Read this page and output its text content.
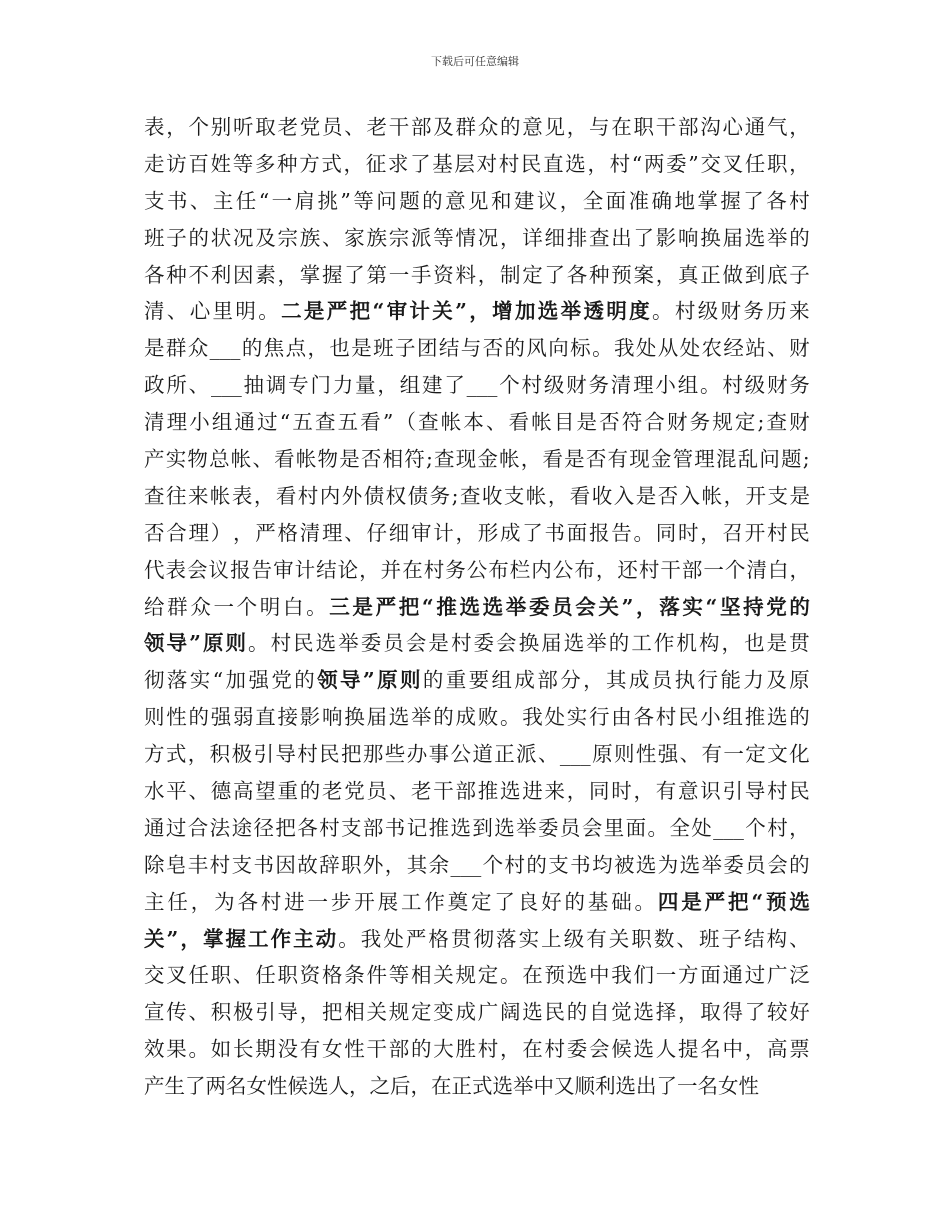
下载后可任意编辑
表 ， 个 别 听 取 老 党 员 、 老 干 部 及 群 众 的 意 见 ， 与 在 职 干 部 沟 心 通 气 ，
走 访 百 姓 等 多 种 方 式 ， 征 求 了 基 层 对 村 民 直 选 ， 村 “ 两 委 ” 交 叉 任 职 ，
支 书 、 主 任 “ 一 肩 挑 ” 等 问 题 的 意 见 和 建 议 ， 全 面 准 确 地 掌 握 了 各 村
班 子 的 状 况 及 宗 族 、 家 族 宗 派 等 情 况 ， 详 细 排 查 出 了 影 响 换 届 选 举 的
各 种 不 利 因 素 ， 掌 握 了 第 一 手 资 料 ， 制 定 了 各 种 预 案 ， 真 正 做 到 底 子
清 、 心 里 明 。 二 是 严 把 “ 审 计 关 ” ， 增 加 选 举 透 明 度 。 村 级 财 务 历 来
是 群 众 ___ 的 焦 点 ， 也 是 班 子 团 结 与 否 的 风 向 标 。 我 处 从 处 农 经 站 、 财
政 所 、 ___ 抽 调 专 门 力 量 ， 组 建 了 ___ 个 村 级 财 务 清 理 小 组 。 村 级 财 务
清 理 小 组 通 过 “ 五 查 五 看 ” （ 查 帐 本 、 看 帐 目 是 否 符 合 财 务 规 定 ; 查 财
产 实 物 总 帐 、 看 帐 物 是 否 相 符 ; 查 现 金 帐 ， 看 是 否 有 现 金 管 理 混 乱 问 题 ;
查 往 来 帐 表 ， 看 村 内 外 债 权 债 务 ; 查 收 支 帐 ， 看 收 入 是 否 入 帐 ， 开 支 是
否 合 理 ） ， 严 格 清 理 、 仔 细 审 计 ， 形 成 了 书 面 报 告 。 同 时 ， 召 开 村 民
代 表 会 议 报 告 审 计 结 论 ， 并 在 村 务 公 布 栏 内 公 布 ， 还 村 干 部 一 个 清 白 ，
给 群 众 一 个 明 白 。 三 是 严 把 “ 推 选 选 举 委 员 会 关 ” ， 落 实 “ 坚 持 党 的
领 导 ” 原 则 。 村 民 选 举 委 员 会 是 村 委 会 换 届 选 举 的 工 作 机 构 ， 也 是 贯
彻 落 实 “ 加 强 党 的 领 导 ” 原 则 的 重 要 组 成 部 分 ， 其 成 员 执 行 能 力 及 原
则 性 的 强 弱 直 接 影 响 换 届 选 举 的 成 败 。 我 处 实 行 由 各 村 民 小 组 推 选 的
方 式 ， 积 极 引 导 村 民 把 那 些 办 事 公 道 正 派 、 ___ 原 则 性 强 、 有 一 定 文 化
水 平 、 德 高 望 重 的 老 党 员 、 老 干 部 推 选 进 来 ， 同 时 ， 有 意 识 引 导 村 民
通 过 合 法 途 径 把 各 村 支 部 书 记 推 选 到 选 举 委 员 会 里 面 。 全 处 ___ 个 村 ，
除 皂 丰 村 支 书 因 故 辞 职 外 ， 其 余 ___ 个 村 的 支 书 均 被 选 为 选 举 委 员 会 的
主 任 ， 为 各 村 进 一 步 开 展 工 作 奠 定 了 良 好 的 基 础 。 四 是 严 把 “ 预 选
关 ” ， 掌 握 工 作 主 动 。 我 处 严 格 贯 彻 落 实 上 级 有 关 职 数 、 班 子 结 构 、
交 叉 任 职 、 任 职 资 格 条 件 等 相 关 规 定 。 在 预 选 中 我 们 一 方 面 通 过 广 泛
宣 传 、 积 极 引 导 ， 把 相 关 规 定 变 成 广 阔 选 民 的 自 觉 选 择 ， 取 得 了 较 好
效 果 。 如 长 期 没 有 女 性 干 部 的 大 胜 村 ， 在 村 委 会 候 选 人 提 名 中 ， 高 票
产 生 了 两 名 女 性 候 选 人 ， 之 后 ， 在 正 式 选 举 中 又 顺 利 选 出 了 一 名 女 性
